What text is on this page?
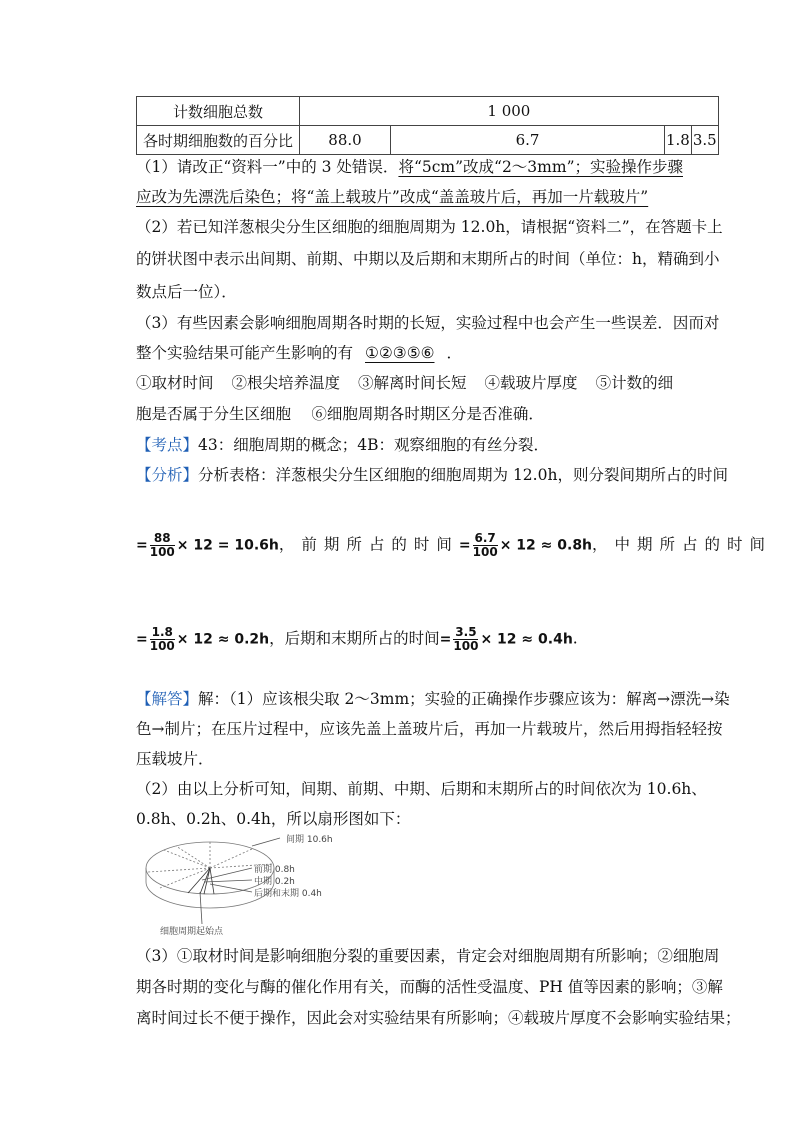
计数细胞总数	1 000			
各时期细胞数的百分比	88.0	6.7	1.8	3.5
（1）请改正“资料一”中的 3 处错误．将“5cm”改成“2～3mm”；实验操作步骤
应改为先漂洗后染色；将“盖上载玻片”改成“盖盖玻片后，再加一片载玻片”
（2）若已知洋葱根尖分生区细胞的细胞周期为 12.0h，请根据“资料二”，在答题卡上
的饼状图中表示出间期、前期、中期以及后期和末期所占的时间（单位：h，精确到小
数点后一位）．
（3）有些因素会影响细胞周期各时期的长短，实验过程中也会产生一些误差．因而对
整个实验结果可能产生影响的有 ①②③⑤⑥ ．
①取材时间 ②根尖培养温度 ③解离时间长短 ④载玻片厚度 ⑤计数的细
胞是否属于分生区细胞　 ⑥细胞周期各时期区分是否准确．
【考点】43：细胞周期的概念；4B：观察细胞的有丝分裂．
【分析】分析表格：洋葱根尖分生区细胞的细胞周期为 12.0h，则分裂间期所占的时间
= $\frac{88}{100} \times 12 = 10.6h$，前期所占的时间= $\frac{6.7}{100} \times 12 \approx 0.8h$，中期所占的时间
= $\frac{1.8}{100} \times 12 \approx 0.2h$，后期和末期所占的时间= $\frac{3.5}{100} \times 12 \approx 0.4h$.
【解答】解：（1）应该根尖取 2～3mm；实验的正确操作步骤应该为：解离→漂洗→染
色→制片；在压片过程中，应该先盖上盖玻片后，再加一片载玻片，然后用拇指轻轻按
压载坡片．
（2）由以上分析可知，间期、前期、中期、后期和末期所占的时间依次为 10.6h、
0.8h、0.2h、0.4h，所以扇形图如下：
间期 10.6h
前期 0.8h
中期 0.2h
后期和末期 0.4h
细胞周期起始点
（3）①取材时间是影响细胞分裂的重要因素，肯定会对细胞周期有所影响；②细胞周
期各时期的变化与酶的催化作用有关，而酶的活性受温度、PH 值等因素的影响；③解
离时间过长不便于操作，因此会对实验结果有所影响；④载玻片厚度不会影响实验结果；
